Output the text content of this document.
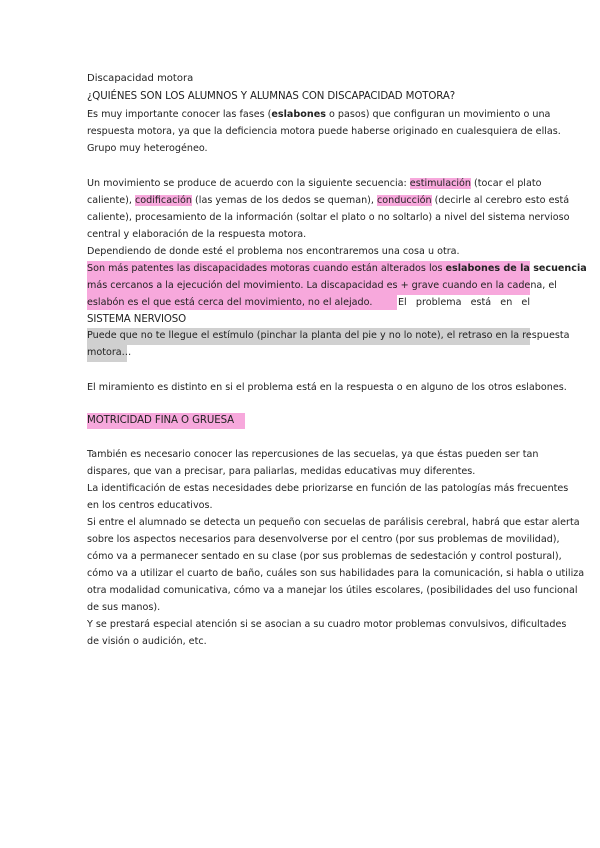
Discapacidad motora
¿QUIÉNES SON LOS ALUMNOS Y ALUMNAS CON DISCAPACIDAD MOTORA?
Es muy importante conocer las fases (eslabones o pasos) que configuran un movimiento o una
respuesta motora, ya que la deficiencia motora puede haberse originado en cualesquiera de ellas.
Grupo muy heterogéneo.
Un movimiento se produce de acuerdo con la siguiente secuencia: estimulación (tocar el plato
caliente), codificación (las yemas de los dedos se queman), conducción (decirle al cerebro esto está
caliente), procesamiento de la información (soltar el plato o no soltarlo) a nivel del sistema nervioso
central y elaboración de la respuesta motora.
Dependiendo de donde esté el problema nos encontraremos una cosa u otra.
Son más patentes las discapacidades motoras cuando están alterados los eslabones de la secuencia
más cercanos a la ejecución del movimiento. La discapacidad es + grave cuando en la cadena, el
eslabón es el que está cerca del movimiento, no el alejado.	El problema está en el
SISTEMA NERVIOSO
Puede que no te llegue el estímulo (pinchar la planta del pie y no lo note), el retraso en la respuesta
motora…
El miramiento es distinto en si el problema está en la respuesta o en alguno de los otros eslabones.
MOTRICIDAD FINA O GRUESA
También es necesario conocer las repercusiones de las secuelas, ya que éstas pueden ser tan
dispares, que van a precisar, para paliarlas, medidas educativas muy diferentes.
La identificación de estas necesidades debe priorizarse en función de las patologías más frecuentes
en los centros educativos.
Si entre el alumnado se detecta un pequeño con secuelas de parálisis cerebral, habrá que estar alerta
sobre los aspectos necesarios para desenvolverse por el centro (por sus problemas de movilidad),
cómo va a permanecer sentado en su clase (por sus problemas de sedestación y control postural),
cómo va a utilizar el cuarto de baño, cuáles son sus habilidades para la comunicación, si habla o utiliza
otra modalidad comunicativa, cómo va a manejar los útiles escolares, (posibilidades del uso funcional
de sus manos).
Y se prestará especial atención si se asocian a su cuadro motor problemas convulsivos, dificultades
de visión o audición, etc.
